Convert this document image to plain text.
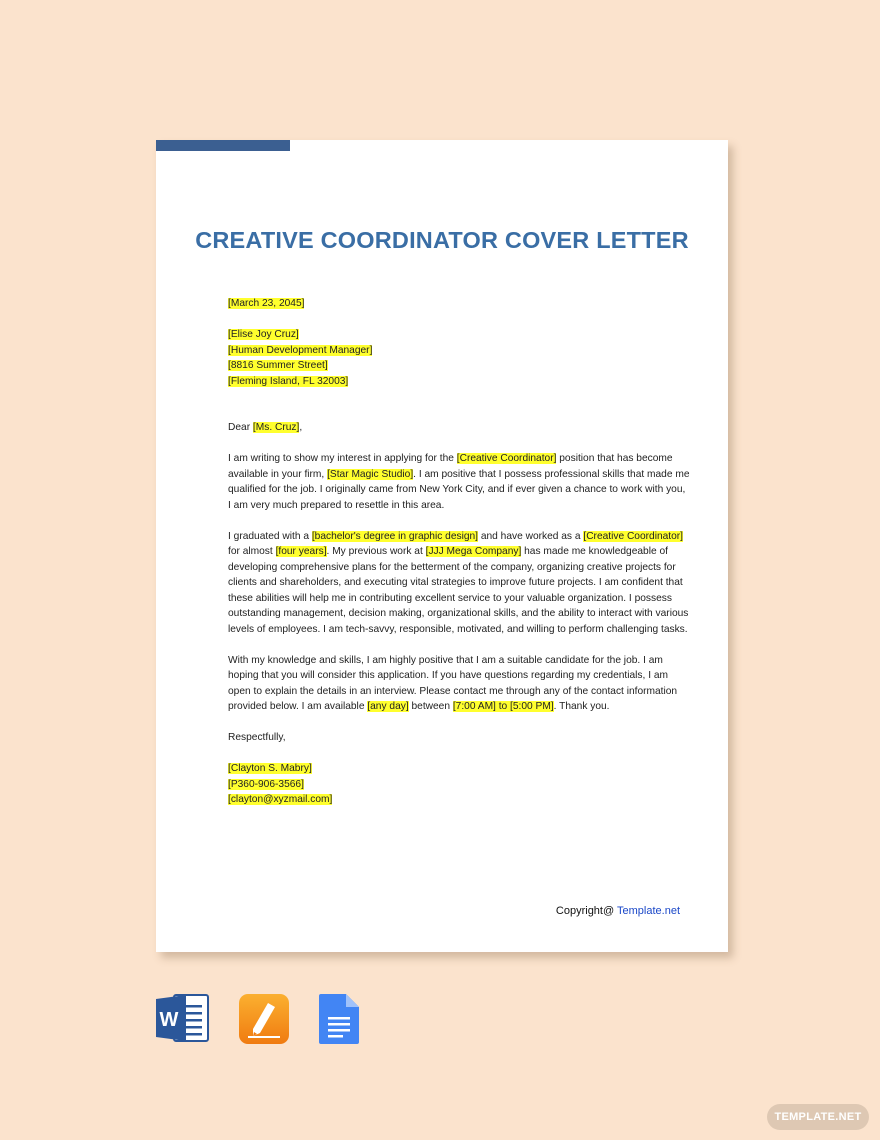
CREATIVE COORDINATOR COVER LETTER

[March 23, 2045]

[Elise Joy Cruz]

[Human Development Manager]

[8816 Summer Street]

[Fleming Island, FL 32003]

Dear [Ms. Cruz],

I am writing to show my interest in applying for the [Creative Coordinator] position that has become available in your firm, [Star Magic Studio]. I am positive that I possess professional skills that made me qualified for the job. I originally came from New York City, and if ever given a chance to work with you, I am very much prepared to resettle in this area.

I graduated with a [bachelor's degree in graphic design] and have worked as a [Creative Coordinator] for almost [four years]. My previous work at [JJJ Mega Company] has made me knowledgeable of developing comprehensive plans for the betterment of the company, organizing creative projects for clients and shareholders, and executing vital strategies to improve future projects. I am confident that these abilities will help me in contributing excellent service to your valuable organization. I possess outstanding management, decision making, organizational skills, and the ability to interact with various levels of employees. I am tech-savvy, responsible, motivated, and willing to perform challenging tasks.

With my knowledge and skills, I am highly positive that I am a suitable candidate for the job. I am hoping that you will consider this application. If you have questions regarding my credentials, I am open to explain the details in an interview. Please contact me through any of the contact information provided below. I am available [any day] between [7:00 AM] to [5:00 PM]. Thank you.

Respectfully,

[Clayton S. Mabry]

[P360-906-3566]

[clayton@xyzmail.com]

Copyright@ Template.net
W
TEMPLATE.NET
